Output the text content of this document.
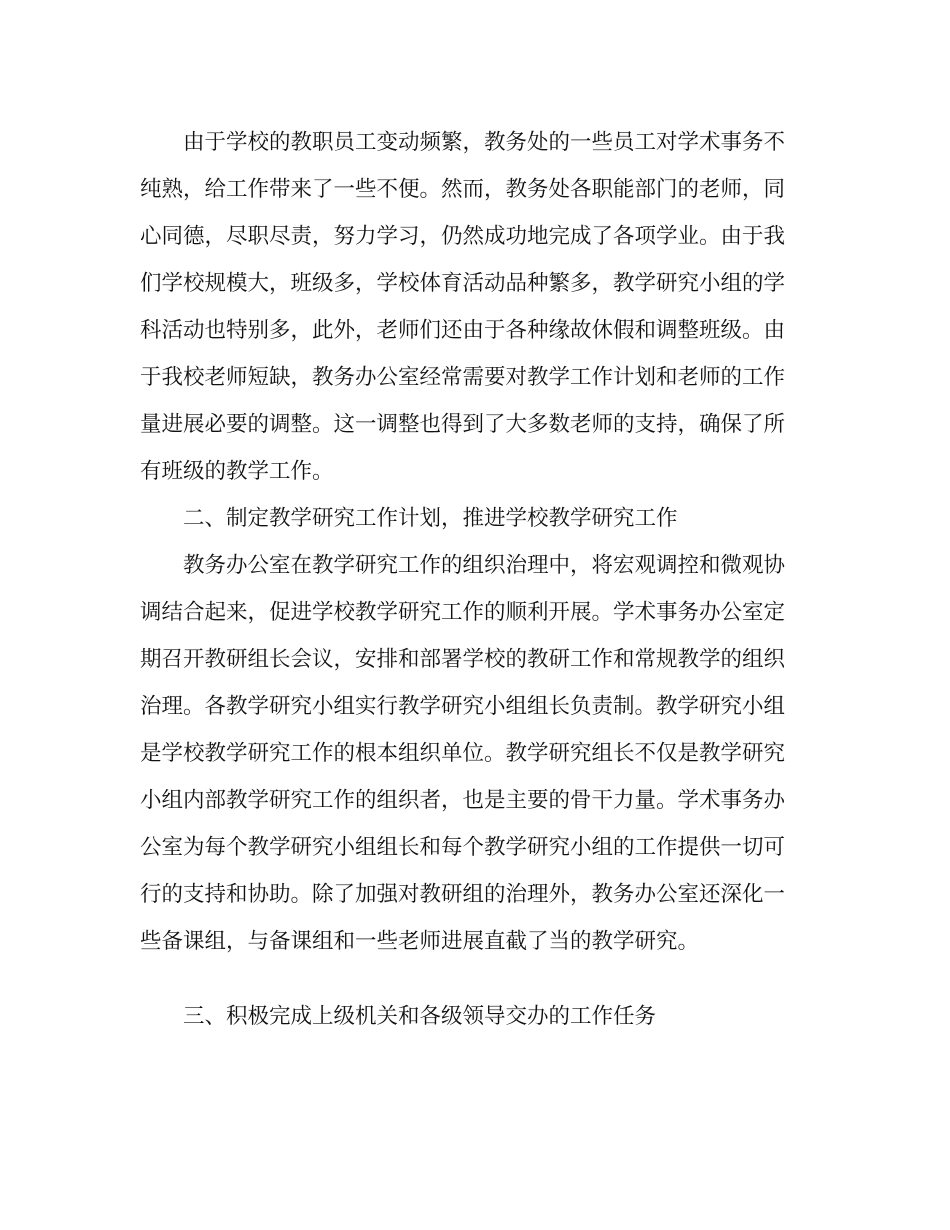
由于学校的教职员工变动频繁，教务处的一些员工对学术事务不
纯熟，给工作带来了一些不便。然而，教务处各职能部门的老师，同
心同德，尽职尽责，努力学习，仍然成功地完成了各项学业。由于我
们学校规模大，班级多，学校体育活动品种繁多，教学研究小组的学
科活动也特别多，此外，老师们还由于各种缘故休假和调整班级。由
于我校老师短缺，教务办公室经常需要对教学工作计划和老师的工作
量进展必要的调整。这一调整也得到了大多数老师的支持，确保了所
有班级的教学工作。
二、制定教学研究工作计划，推进学校教学研究工作
教务办公室在教学研究工作的组织治理中，将宏观调控和微观协
调结合起来，促进学校教学研究工作的顺利开展。学术事务办公室定
期召开教研组长会议，安排和部署学校的教研工作和常规教学的组织
治理。各教学研究小组实行教学研究小组组长负责制。教学研究小组
是学校教学研究工作的根本组织单位。教学研究组长不仅是教学研究
小组内部教学研究工作的组织者，也是主要的骨干力量。学术事务办
公室为每个教学研究小组组长和每个教学研究小组的工作提供一切可
行的支持和协助。除了加强对教研组的治理外，教务办公室还深化一
些备课组，与备课组和一些老师进展直截了当的教学研究。
三、积极完成上级机关和各级领导交办的工作任务
